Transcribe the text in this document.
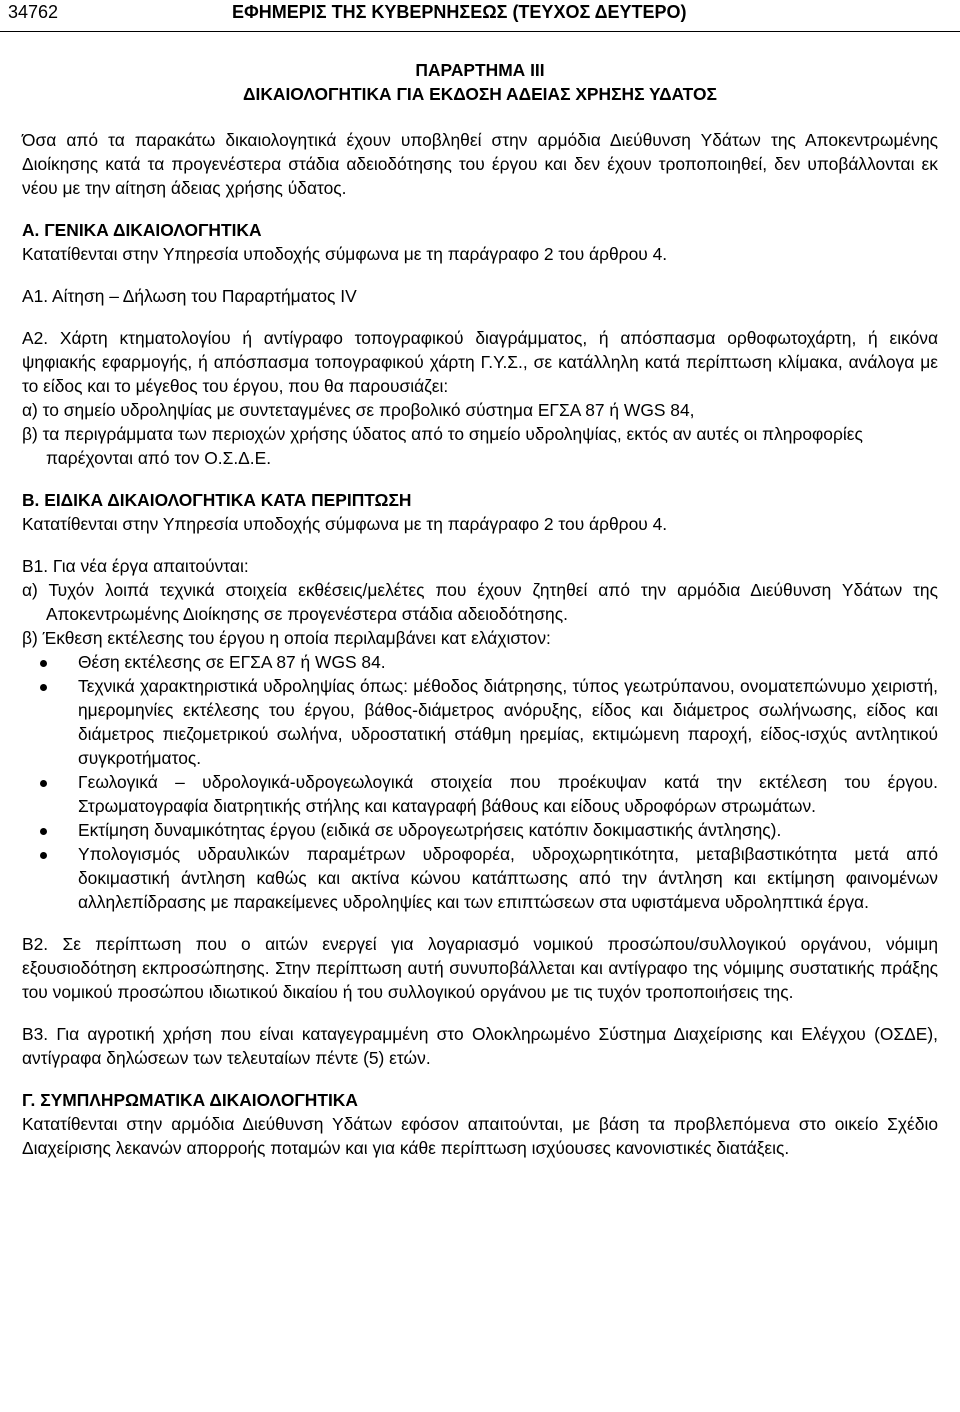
34762	ΕΦΗΜΕΡΙΣ ΤΗΣ ΚΥΒΕΡΝΗΣΕΩΣ (ΤΕΥΧΟΣ ΔΕΥΤΕΡΟ)

ΠΑΡΑΡΤΗΜΑ III

ΔΙΚΑΙΟΛΟΓΗΤΙΚΑ ΓΙΑ ΕΚΔΟΣΗ ΑΔΕΙΑΣ ΧΡΗΣΗΣ ΥΔΑΤΟΣ

Όσα από τα παρακάτω δικαιολογητικά έχουν υποβληθεί στην αρμόδια Διεύθυνση Υδάτων της Αποκεντρωμένης Διοίκησης κατά τα προγενέστερα στάδια αδειοδότησης του έργου και δεν έχουν τροποποιηθεί, δεν υποβάλλονται εκ νέου με την αίτηση άδειας χρήσης ύδατος.

Α. ΓΕΝΙΚΑ ΔΙΚΑΙΟΛΟΓΗΤΙΚΑ

Κατατίθενται στην Υπηρεσία υποδοχής σύμφωνα με τη παράγραφο 2 του άρθρου 4.

Α1. Αίτηση – Δήλωση του Παραρτήματος IV

Α2. Χάρτη κτηματολογίου ή αντίγραφο τοπογραφικού διαγράμματος, ή απόσπασμα ορθοφωτοχάρτη, ή εικόνα ψηφιακής εφαρμογής, ή απόσπασμα τοπογραφικού χάρτη Γ.Υ.Σ., σε κατάλληλη κατά περίπτωση κλίμακα, ανάλογα με το είδος και το μέγεθος του έργου, που θα παρουσιάζει:

α) το σημείο υδροληψίας με συντεταγμένες σε προβολικό σύστημα ΕΓΣΑ 87 ή WGS 84,

β) τα περιγράμματα των περιοχών χρήσης ύδατος από το σημείο υδροληψίας, εκτός αν αυτές οι πληροφορίες παρέχονται από τον Ο.Σ.Δ.Ε.

Β. ΕΙΔΙΚΑ ΔΙΚΑΙΟΛΟΓΗΤΙΚΑ ΚΑΤΑ ΠΕΡΙΠΤΩΣΗ

Κατατίθενται στην Υπηρεσία υποδοχής σύμφωνα με τη παράγραφο 2 του άρθρου 4.

Β1. Για νέα έργα απαιτούνται:

α) Τυχόν λοιπά τεχνικά στοιχεία εκθέσεις/μελέτες που έχουν ζητηθεί από την αρμόδια Διεύθυνση Υδάτων της Αποκεντρωμένης Διοίκησης σε προγενέστερα στάδια αδειοδότησης.

β) Έκθεση εκτέλεσης του έργου η οποία περιλαμβάνει κατ ελάχιστον:

Θέση εκτέλεσης σε ΕΓΣΑ 87 ή WGS 84.
Τεχνικά χαρακτηριστικά υδροληψίας όπως: μέθοδος διάτρησης, τύπος γεωτρύπανου, ονοματεπώνυμο χειριστή, ημερομηνίες εκτέλεσης του έργου, βάθος-διάμετρος ανόρυξης, είδος και διάμετρος σωλήνωσης, είδος και διάμετρος πιεζομετρικού σωλήνα, υδροστατική στάθμη ηρεμίας, εκτιμώμενη παροχή, είδος-ισχύς αντλητικού συγκροτήματος.
Γεωλογικά – υδρολογικά-υδρογεωλογικά στοιχεία που προέκυψαν κατά την εκτέλεση του έργου. Στρωματογραφία διατρητικής στήλης και καταγραφή βάθους και είδους υδροφόρων στρωμάτων.
Εκτίμηση δυναμικότητας έργου (ειδικά σε υδρογεωτρήσεις κατόπιν δοκιμαστικής άντλησης).
Υπολογισμός υδραυλικών παραμέτρων υδροφορέα, υδροχωρητικότητα, μεταβιβαστικότητα μετά από δοκιμαστική άντληση καθώς και ακτίνα κώνου κατάπτωσης από την άντληση και εκτίμηση φαινομένων αλληλεπίδρασης με παρακείμενες υδροληψίες και των επιπτώσεων στα υφιστάμενα υδροληπτικά έργα.

Β2. Σε περίπτωση που ο αιτών ενεργεί για λογαριασμό νομικού προσώπου/συλλογικού οργάνου, νόμιμη εξουσιοδότηση εκπροσώπησης. Στην περίπτωση αυτή συνυποβάλλεται και αντίγραφο της νόμιμης συστατικής πράξης του νομικού προσώπου ιδιωτικού δικαίου ή του συλλογικού οργάνου με τις τυχόν τροποποιήσεις της.

Β3. Για αγροτική χρήση που είναι καταγεγραμμένη στο Ολοκληρωμένο Σύστημα Διαχείρισης και Ελέγχου (ΟΣΔΕ), αντίγραφα δηλώσεων των τελευταίων πέντε (5) ετών.

Γ. ΣΥΜΠΛΗΡΩΜΑΤΙΚΑ ΔΙΚΑΙΟΛΟΓΗΤΙΚΑ

Κατατίθενται στην αρμόδια Διεύθυνση Υδάτων εφόσον απαιτούνται, με βάση τα προβλεπόμενα στο οικείο Σχέδιο Διαχείρισης λεκανών απορροής ποταμών και για κάθε περίπτωση ισχύουσες κανονιστικές διατάξεις.
